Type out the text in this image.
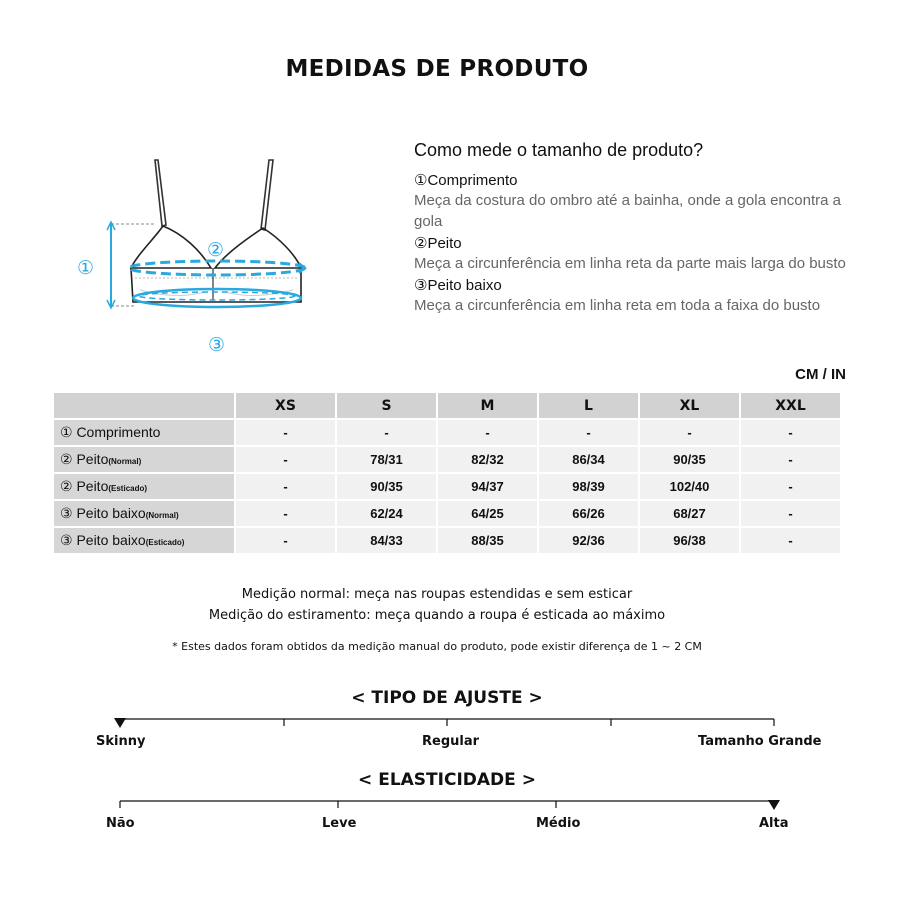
MEDIDAS DE PRODUTO
①
②
③
Como mede o tamanho de produto?
①Comprimento
Meça da costura do ombro até a bainha, onde a gola encontra a gola
②Peito
Meça a circunferência em linha reta da parte mais larga do busto
③Peito baixo
Meça a circunferência em linha reta em toda a faixa do busto
CM / IN
	XS	S	M	L	XL	XXL
① Comprimento	-	-	-	-	-	-
② Peito(Normal)	-	78/31	82/32	86/34	90/35	-
② Peito(Esticado)	-	90/35	94/37	98/39	102/40	-
③ Peito baixo(Normal)	-	62/24	64/25	66/26	68/27	-
③ Peito baixo(Esticado)	-	84/33	88/35	92/36	96/38	-
Medição normal: meça nas roupas estendidas e sem esticar
Medição do estiramento: meça quando a roupa é esticada ao máximo
* Estes dados foram obtidos da medição manual do produto, pode existir diferença de 1 ~ 2 CM
< TIPO DE AJUSTE >
Skinny	Regular	Tamanho Grande
< ELASTICIDADE >
Não	Leve	Médio	Alta
